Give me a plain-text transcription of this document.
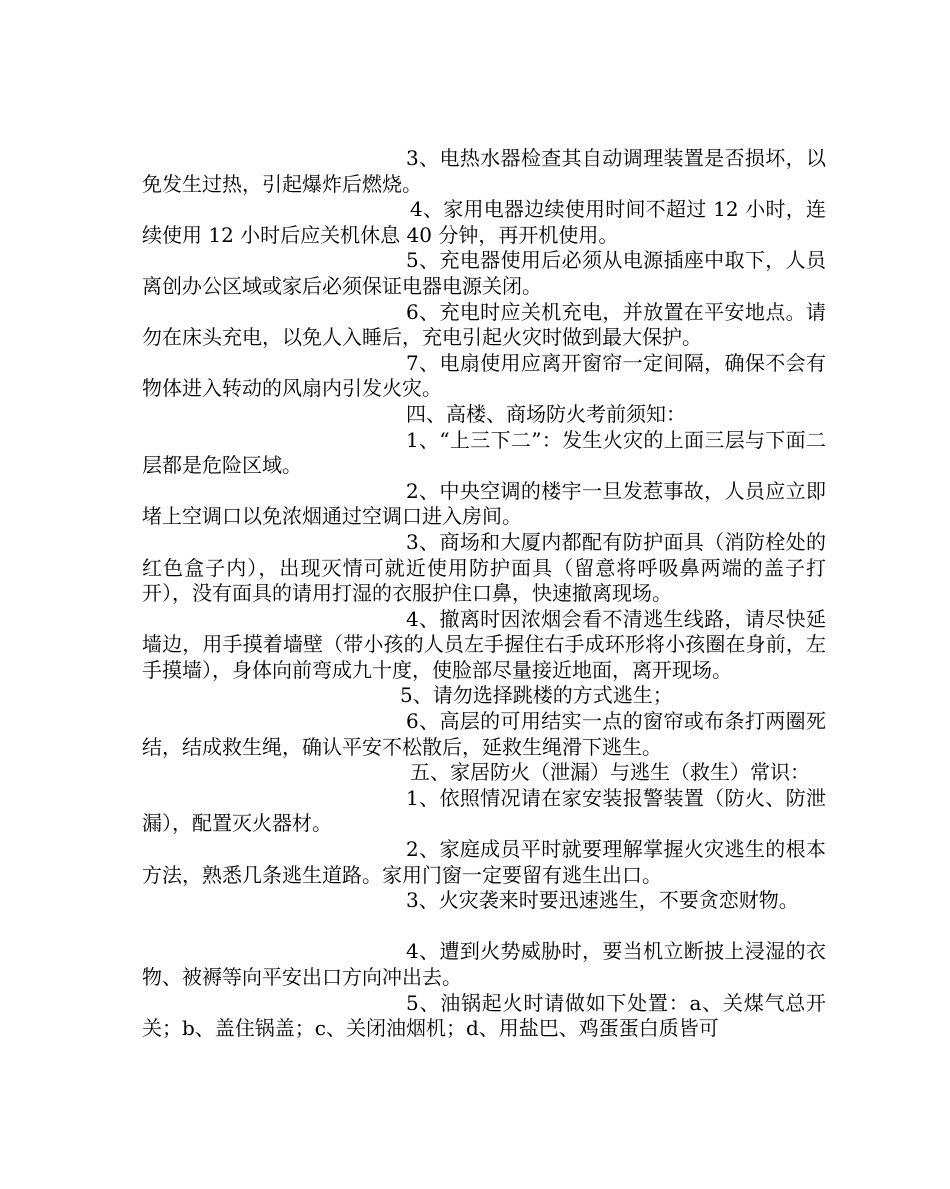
3、电热水器检查其自动调理装置是否损坏，以免发生过热，引起爆炸后燃烧。

4、家用电器边续使用时间不超过 12 小时，连续使用 12 小时后应关机休息 40 分钟，再开机使用。

5、充电器使用后必须从电源插座中取下，人员离创办公区域或家后必须保证电器电源关闭。

6、充电时应关机充电，并放置在平安地点。请勿在床头充电，以免人入睡后，充电引起火灾时做到最大保护。

7、电扇使用应离开窗帘一定间隔，确保不会有物体进入转动的风扇内引发火灾。

四、高楼、商场防火考前须知：

1、“上三下二”：发生火灾的上面三层与下面二层都是危险区域。

2、中央空调的楼宇一旦发惹事故，人员应立即堵上空调口以免浓烟通过空调口进入房间。

3、商场和大厦内都配有防护面具（消防栓处的红色盒子内），出现灭情可就近使用防护面具（留意将呼吸鼻两端的盖子打开），没有面具的请用打湿的衣服护住口鼻，快速撤离现场。

4、撤离时因浓烟会看不清逃生线路，请尽快延墙边，用手摸着墙壁（带小孩的人员左手握住右手成环形将小孩圈在身前，左手摸墙），身体向前弯成九十度，使脸部尽量接近地面，离开现场。

5、请勿选择跳楼的方式逃生；

6、高层的可用结实一点的窗帘或布条打两圈死结，结成救生绳，确认平安不松散后，延救生绳滑下逃生。

五、家居防火（泄漏）与逃生（救生）常识：

1、依照情况请在家安装报警装置（防火、防泄漏），配置灭火器材。

2、家庭成员平时就要理解掌握火灾逃生的根本方法，熟悉几条逃生道路。家用门窗一定要留有逃生出口。

3、火灾袭来时要迅速逃生，不要贪恋财物。

4、遭到火势威胁时，要当机立断披上浸湿的衣物、被褥等向平安出口方向冲出去。

5、油锅起火时请做如下处置：a、关煤气总开关；b、盖住锅盖；c、关闭油烟机；d、用盐巴、鸡蛋蛋白质皆可
